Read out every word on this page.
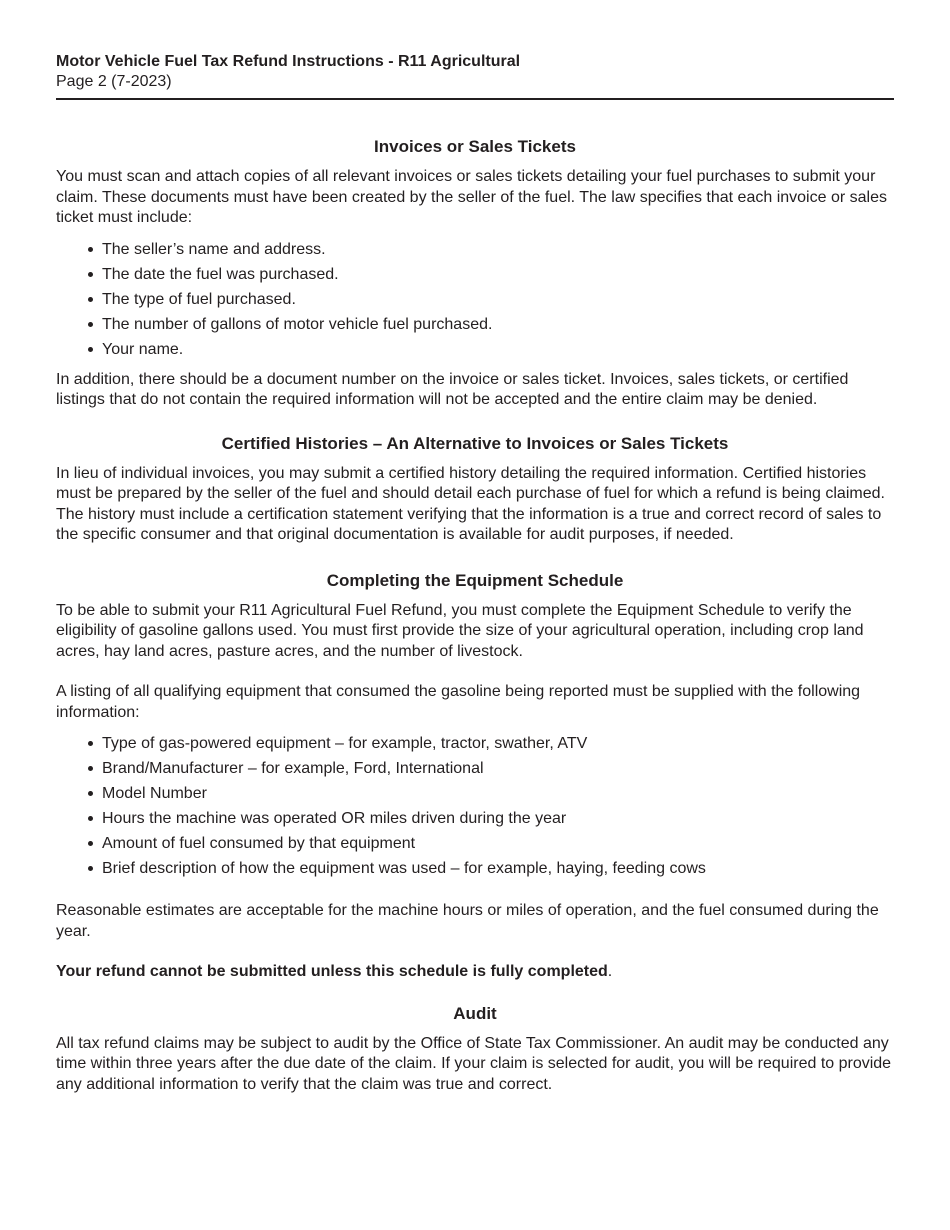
Motor Vehicle Fuel Tax Refund Instructions - R11 Agricultural
Page 2 (7-2023)
Invoices or Sales Tickets

You must scan and attach copies of all relevant invoices or sales tickets detailing your fuel purchases to submit your claim. These documents must have been created by the seller of the fuel. The law specifies that each invoice or sales ticket must include:

The seller’s name and address.
The date the fuel was purchased.
The type of fuel purchased.
The number of gallons of motor vehicle fuel purchased.
Your name.

In addition, there should be a document number on the invoice or sales ticket. Invoices, sales tickets, or certified listings that do not contain the required information will not be accepted and the entire claim may be denied.

Certified Histories – An Alternative to Invoices or Sales Tickets

In lieu of individual invoices, you may submit a certified history detailing the required information. Certified histories must be prepared by the seller of the fuel and should detail each purchase of fuel for which a refund is being claimed. The history must include a certification statement verifying that the information is a true and correct record of sales to the specific consumer and that original documentation is available for audit purposes, if needed.

Completing the Equipment Schedule

To be able to submit your R11 Agricultural Fuel Refund, you must complete the Equipment Schedule to verify the eligibility of gasoline gallons used. You must first provide the size of your agricultural operation, including crop land acres, hay land acres, pasture acres, and the number of livestock.

A listing of all qualifying equipment that consumed the gasoline being reported must be supplied with the following information:

Type of gas-powered equipment – for example, tractor, swather, ATV
Brand/Manufacturer – for example, Ford, International
Model Number
Hours the machine was operated OR miles driven during the year
Amount of fuel consumed by that equipment
Brief description of how the equipment was used – for example, haying, feeding cows

Reasonable estimates are acceptable for the machine hours or miles of operation, and the fuel consumed during the year.

Your refund cannot be submitted unless this schedule is fully completed.

Audit

All tax refund claims may be subject to audit by the Office of State Tax Commissioner. An audit may be conducted any time within three years after the due date of the claim. If your claim is selected for audit, you will be required to provide any additional information to verify that the claim was true and correct.
